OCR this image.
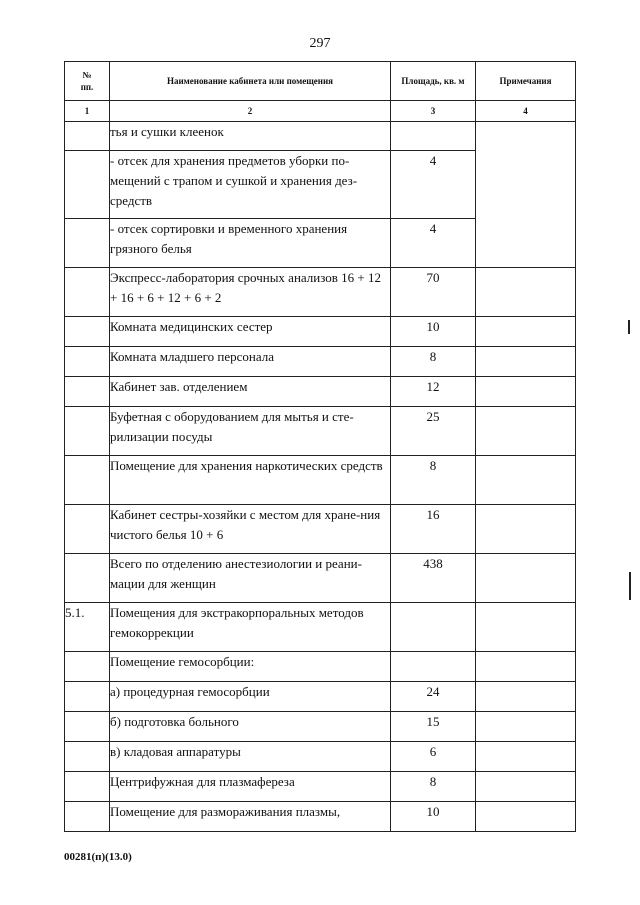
297
№
пп.	Наименование кабинета или помещения	Площадь, кв. м	Примечания
1	2	3	4
	тья и сушки клеенок		
	- отсек для хранения предметов уборки по-мещений с трапом и сушкой и хранения дез-средств	4	
	- отсек сортировки и временного хранения грязного белья	4	
	Экспресс-лаборатория срочных анализов 16 + 12 + 16 + 6 + 12 + 6 + 2	70	
	Комната медицинских сестер	10	
	Комната младшего персонала	8	
	Кабинет зав. отделением	12	
	Буфетная с оборудованием для мытья и сте-рилизации посуды	25	
	Помещение для хранения наркотических средств	8	
	Кабинет сестры-хозяйки с местом для хране-ния чистого белья 10 + 6	16	
	Всего по отделению анестезиологии и реани-мации для женщин	438	
5.1.	Помещения для экстракорпоральных методов гемокоррекции		
	Помещение гемосорбции:		
	а) процедурная гемосорбции	24	
	б) подготовка больного	15	
	в) кладовая аппаратуры	6	
	Центрифужная для плазмафереза	8	
	Помещение для размораживания плазмы,	10	
00281(п)(13.0)
